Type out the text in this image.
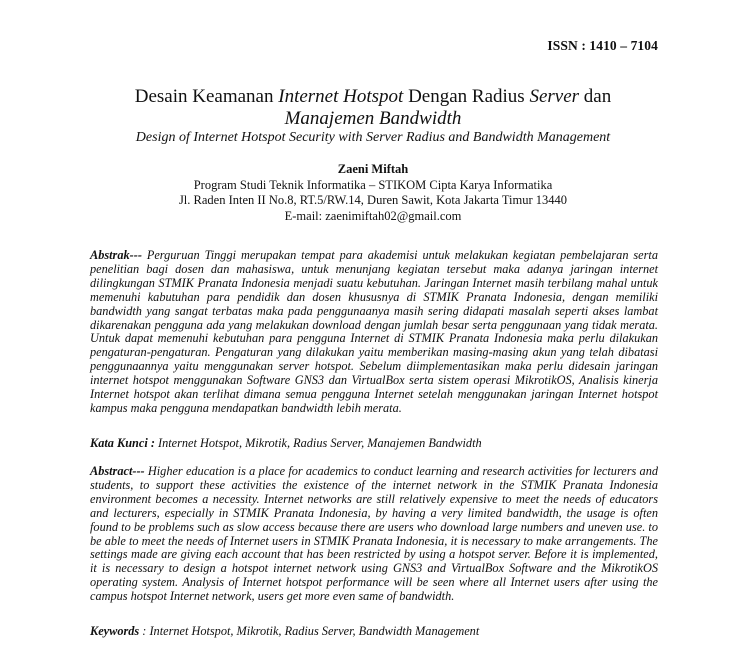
ISSN : 1410 – 7104
Desain Keamanan Internet Hotspot Dengan Radius Server dan
Manajemen Bandwidth
Design of Internet Hotspot Security with Server Radius and Bandwidth Management
Zaeni Miftah
Program Studi Teknik Informatika – STIKOM Cipta Karya Informatika
Jl. Raden Inten II No.8, RT.5/RW.14, Duren Sawit, Kota Jakarta Timur 13440
E-mail: zaenimiftah02@gmail.com

Abstrak--- Perguruan Tinggi merupakan tempat para akademisi untuk melakukan kegiatan pembelajaran serta penelitian bagi dosen dan mahasiswa, untuk menunjang kegiatan tersebut maka adanya jaringan internet dilingkungan STMIK Pranata Indonesia menjadi suatu kebutuhan. Jaringan Internet masih terbilang mahal untuk memenuhi kabutuhan para pendidik dan dosen khususnya di STMIK Pranata Indonesia, dengan memiliki bandwidth yang sangat terbatas maka pada penggunaanya masih sering didapati masalah seperti akses lambat dikarenakan pengguna ada yang melakukan download dengan jumlah besar serta penggunaan yang tidak merata. Untuk dapat memenuhi kebutuhan para pengguna Internet di STMIK Pranata Indonesia maka perlu dilakukan pengaturan-pengaturan. Pengaturan yang dilakukan yaitu memberikan masing-masing akun yang telah dibatasi penggunaannya yaitu menggunakan server hotspot. Sebelum diimplementasikan maka perlu didesain jaringan internet hotspot menggunakan Software GNS3 dan VirtualBox serta sistem operasi MikrotikOS, Analisis kinerja Internet hotspot akan terlihat dimana semua pengguna Internet setelah menggunakan jaringan Internet hotspot kampus maka pengguna mendapatkan bandwidth lebih merata.

Kata Kunci : Internet Hotspot, Mikrotik, Radius Server, Manajemen Bandwidth

Abstract--- Higher education is a place for academics to conduct learning and research activities for lecturers and students, to support these activities the existence of the internet network in the STMIK Pranata Indonesia environment becomes a necessity. Internet networks are still relatively expensive to meet the needs of educators and lecturers, especially in STMIK Pranata Indonesia, by having a very limited bandwidth, the usage is often found to be problems such as slow access because there are users who download large numbers and uneven use. to be able to meet the needs of Internet users in STMIK Pranata Indonesia, it is necessary to make arrangements. The settings made are giving each account that has been restricted by using a hotspot server. Before it is implemented, it is necessary to design a hotspot internet network using GNS3 and VirtualBox Software and the MikrotikOS operating system. Analysis of Internet hotspot performance will be seen where all Internet users after using the campus hotspot Internet network, users get more even same of bandwidth.

Keywords : Internet Hotspot, Mikrotik, Radius Server, Bandwidth Management
